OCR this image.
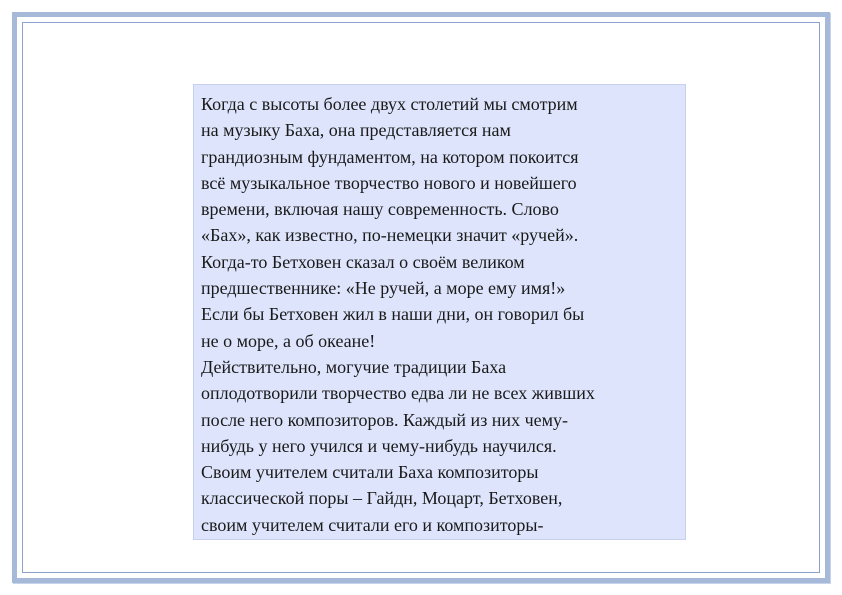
Когда с высоты более двух столетий мы смотрим
на музыку Баха, она представляется нам
грандиозным фундаментом, на котором покоится
всё музыкальное творчество нового и новейшего
времени, включая нашу современность. Слово
«Бах», как известно, по-немецки значит «ручей».
Когда-то Бетховен сказал о своём великом
предшественнике: «Не ручей, а море ему имя!»
Если бы Бетховен жил в наши дни, он говорил бы
не о море, а об океане!
Действительно, могучие традиции Баха
оплодотворили творчество едва ли не всех живших
после него композиторов. Каждый из них чему-
нибудь у него учился и чему-нибудь научился.
Своим учителем считали Баха композиторы
классической поры – Гайдн, Моцарт, Бетховен,
своим учителем считали его и композиторы-
